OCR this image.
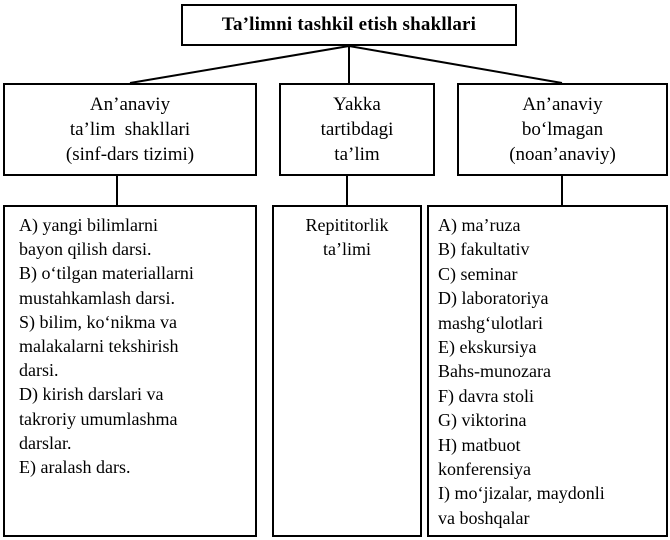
Ta’limni tashkil etish shakllari
An’anaviy
ta’lim  shakllari
(sinf-dars tizimi)
Yakka
tartibdagi
ta’lim
An’anaviy
bo‘lmagan
(noan’anaviy)
A) yangi bilimlarni
bayon qilish darsi.
B) o‘tilgan materiallarni
mustahkamlash darsi.
S) bilim, ko‘nikma va
malakalarni tekshirish
darsi.
D) kirish darslari va
takroriy umumlashma
darslar.
E) aralash dars.
Repititorlik
ta’limi
A) ma’ruza
B) fakultativ
C) seminar
D) laboratoriya
mashg‘ulotlari
E) ekskursiya
Bahs-munozara
F) davra stoli
G) viktorina
H) matbuot
konferensiya
I) mo‘jizalar, maydonli
va boshqalar
